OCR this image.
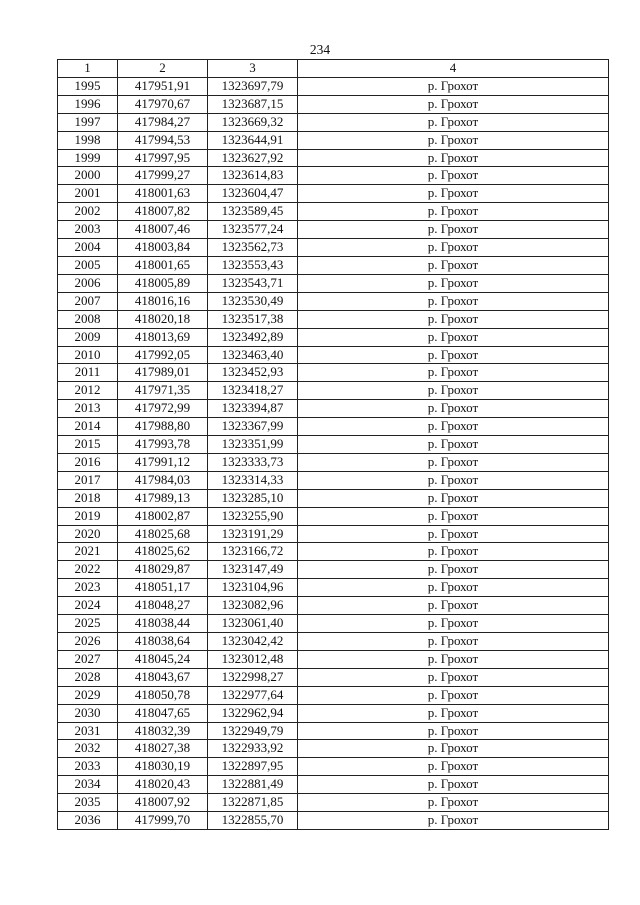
234
1	2	3	4
1995	417951,91	1323697,79	р. Грохот
1996	417970,67	1323687,15	р. Грохот
1997	417984,27	1323669,32	р. Грохот
1998	417994,53	1323644,91	р. Грохот
1999	417997,95	1323627,92	р. Грохот
2000	417999,27	1323614,83	р. Грохот
2001	418001,63	1323604,47	р. Грохот
2002	418007,82	1323589,45	р. Грохот
2003	418007,46	1323577,24	р. Грохот
2004	418003,84	1323562,73	р. Грохот
2005	418001,65	1323553,43	р. Грохот
2006	418005,89	1323543,71	р. Грохот
2007	418016,16	1323530,49	р. Грохот
2008	418020,18	1323517,38	р. Грохот
2009	418013,69	1323492,89	р. Грохот
2010	417992,05	1323463,40	р. Грохот
2011	417989,01	1323452,93	р. Грохот
2012	417971,35	1323418,27	р. Грохот
2013	417972,99	1323394,87	р. Грохот
2014	417988,80	1323367,99	р. Грохот
2015	417993,78	1323351,99	р. Грохот
2016	417991,12	1323333,73	р. Грохот
2017	417984,03	1323314,33	р. Грохот
2018	417989,13	1323285,10	р. Грохот
2019	418002,87	1323255,90	р. Грохот
2020	418025,68	1323191,29	р. Грохот
2021	418025,62	1323166,72	р. Грохот
2022	418029,87	1323147,49	р. Грохот
2023	418051,17	1323104,96	р. Грохот
2024	418048,27	1323082,96	р. Грохот
2025	418038,44	1323061,40	р. Грохот
2026	418038,64	1323042,42	р. Грохот
2027	418045,24	1323012,48	р. Грохот
2028	418043,67	1322998,27	р. Грохот
2029	418050,78	1322977,64	р. Грохот
2030	418047,65	1322962,94	р. Грохот
2031	418032,39	1322949,79	р. Грохот
2032	418027,38	1322933,92	р. Грохот
2033	418030,19	1322897,95	р. Грохот
2034	418020,43	1322881,49	р. Грохот
2035	418007,92	1322871,85	р. Грохот
2036	417999,70	1322855,70	р. Грохот
